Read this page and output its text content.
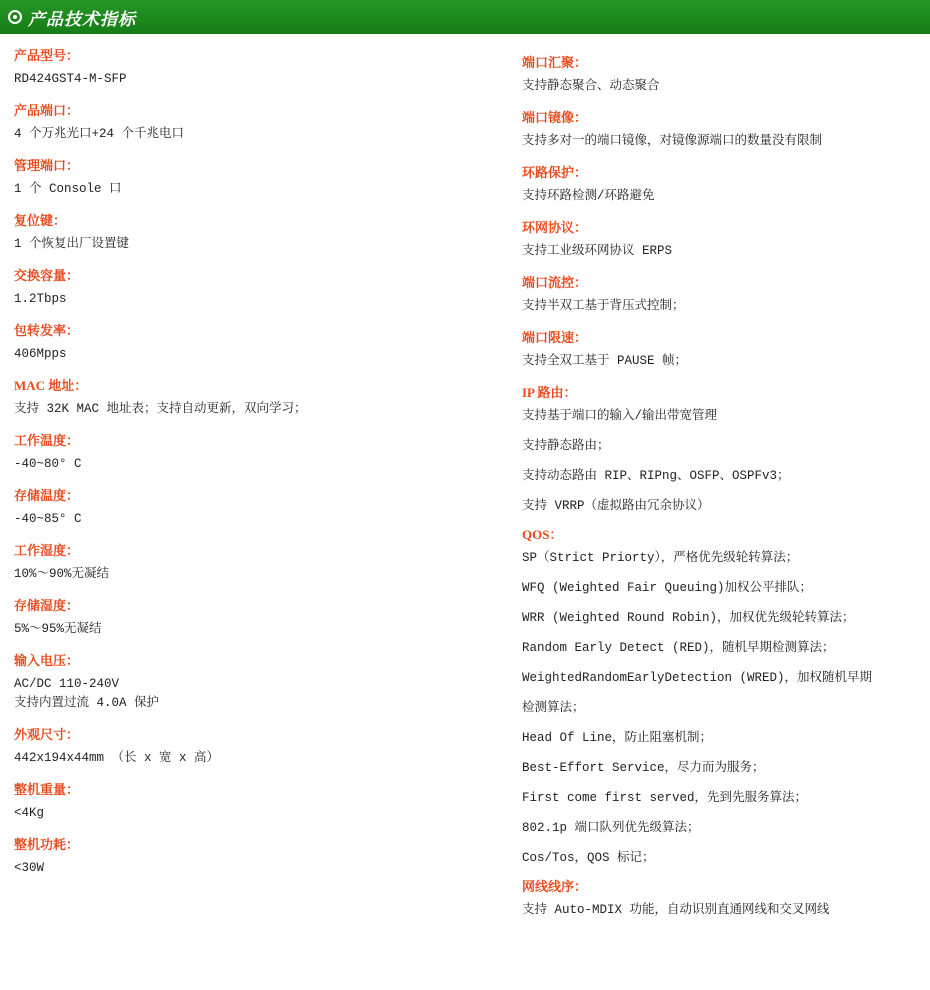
产品技术指标

产品型号：

RD424GST4-M-SFP

产品端口：

4 个万兆光口+24 个千兆电口

管理端口：

1 个 Console 口

复位键：

1 个恢复出厂设置键

交换容量：

1.2Tbps

包转发率：

406Mpps

MAC 地址：

支持 32K MAC 地址表；支持自动更新，双向学习；

工作温度：

-40~80° C

存储温度：

-40~85° C

工作湿度：

10%～90%无凝结

存储湿度：

5%～95%无凝结

输入电压：

AC/DC 110-240V
支持内置过流 4.0A 保护

外观尺寸：

442x194x44mm （长 x 宽 x 高）

整机重量：

<4Kg

整机功耗：

<30W

端口汇聚：

支持静态聚合、动态聚合

端口镜像：

支持多对一的端口镜像，对镜像源端口的数量没有限制

环路保护：

支持环路检测/环路避免

环网协议：

支持工业级环网协议 ERPS

端口流控：

支持半双工基于背压式控制；

端口限速：

支持全双工基于 PAUSE 帧；

IP 路由：

支持基于端口的输入/输出带宽管理
支持静态路由；
支持动态路由 RIP、RIPng、OSFP、OSPFv3；
支持 VRRP（虚拟路由冗余协议）

QOS：

SP（Strict Priorty），严格优先级轮转算法；
WFQ (Weighted Fair Queuing)加权公平排队；
WRR (Weighted Round Robin)，加权优先级轮转算法；
Random Early Detect (RED)，随机早期检测算法；
WeightedRandomEarlyDetection (WRED)，加权随机早期
检测算法；
Head Of Line，防止阻塞机制；
Best-Effort Service，尽力而为服务；
First come first served，先到先服务算法；
802.1p 端口队列优先级算法；
Cos/Tos，QOS 标记；

网线线序：

支持 Auto-MDIX 功能，自动识别直通网线和交叉网线
